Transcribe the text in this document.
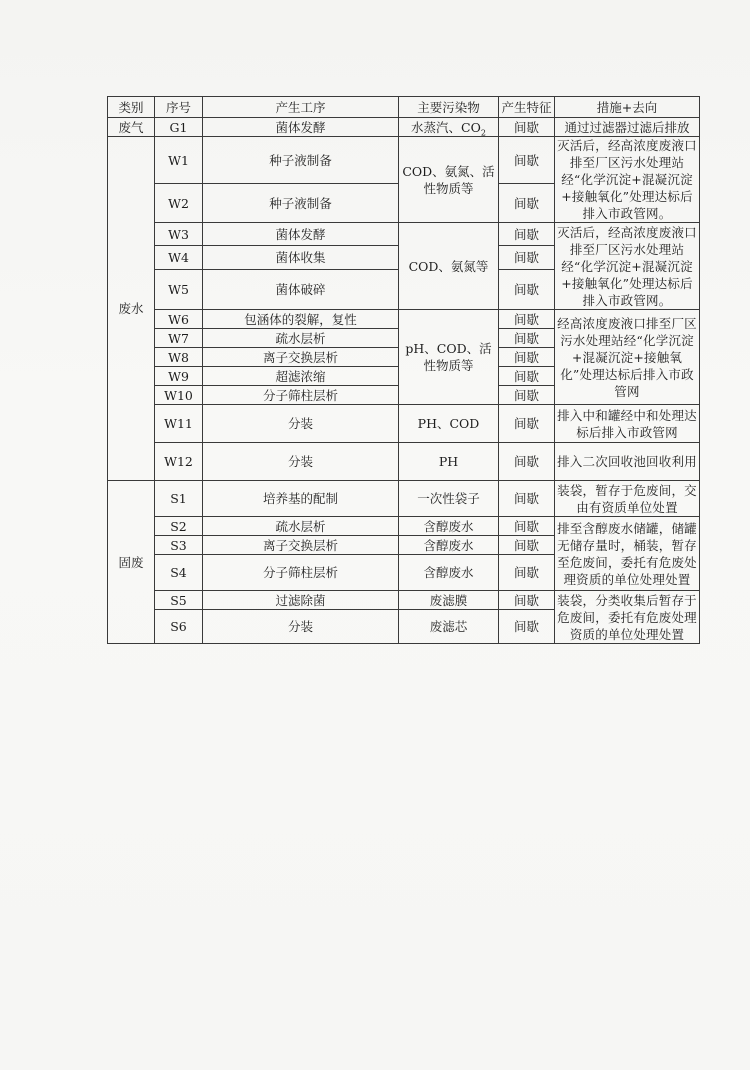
类别	序号	产生工序	主要污染物	产生特征	措施+去向
废气	G1	菌体发酵	水蒸汽、$CO_2$	间歇	通过过滤器过滤后排放
废水	W1	种子液制备	COD、氨氮、活性物质等	间歇	灭活后，经高浓度废液口排至厂区污水处理站经“化学沉淀+混凝沉淀+接触氧化”处理达标后排入市政管网。
	W2	种子液制备		间歇	
	W3	菌体发酵	COD、氨氮等	间歇	灭活后，经高浓度废液口排至厂区污水处理站经“化学沉淀+混凝沉淀+接触氧化”处理达标后排入市政管网。
	W4	菌体收集		间歇	
	W5	菌体破碎		间歇	
	W6	包涵体的裂解，复性	pH、COD、活性物质等	间歇	经高浓度废液口排至厂区污水处理站经“化学沉淀+混凝沉淀+接触氧化”处理达标后排入市政管网
	W7	疏水层析		间歇	
	W8	离子交换层析		间歇	
	W9	超滤浓缩		间歇	
	W10	分子筛柱层析		间歇	
	W11	分装	PH、COD	间歇	排入中和罐经中和处理达标后排入市政管网
	W12	分装	PH	间歇	排入二次回收池回收利用
固废	S1	培养基的配制	一次性袋子	间歇	装袋，暂存于危废间，交由有资质单位处置
	S2	疏水层析	含醇废水	间歇	排至含醇废水储罐，储罐无储存量时，桶装，暂存至危废间，委托有危废处理资质的单位处理处置
	S3	离子交换层析	含醇废水	间歇	
	S4	分子筛柱层析	含醇废水	间歇	
	S5	过滤除菌	废滤膜	间歇	装袋，分类收集后暂存于危废间，委托有危废处理资质的单位处理处置
	S6	分装	废滤芯	间歇	
